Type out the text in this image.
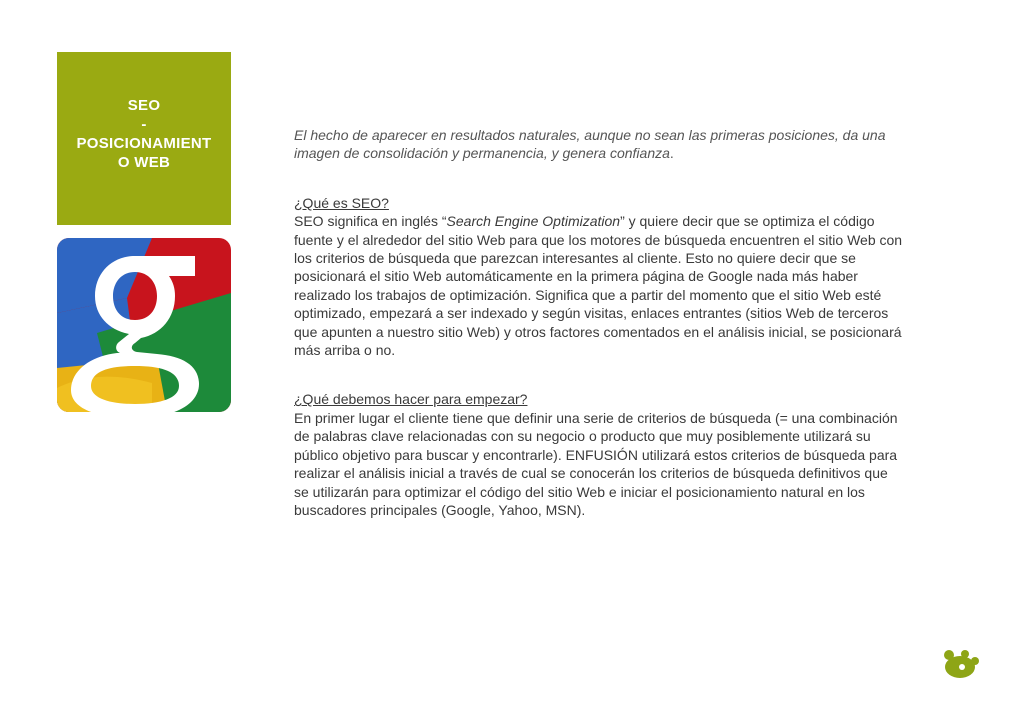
SEO
-
POSICIONAMIENT
O WEB

El hecho de aparecer en resultados naturales, aunque no sean las primeras posiciones, da una imagen de consolidación y permanencia, y genera confianza.

¿Qué es SEO?

SEO significa en inglés “Search Engine Optimization” y quiere decir que se optimiza el código fuente y el alrededor del sitio Web para que los motores de búsqueda encuentren el sitio Web con los criterios de búsqueda que parezcan interesantes al cliente. Esto no quiere decir que se posicionará el sitio Web automáticamente en la primera página de Google nada más haber realizado los trabajos de optimización. Significa que a partir del momento que el sitio Web esté optimizado, empezará a ser indexado y según visitas, enlaces entrantes (sitios Web de terceros que apunten a nuestro sitio Web) y otros factores comentados en el análisis inicial, se posicionará más arriba o no.

¿Qué debemos hacer para empezar?

En primer lugar el cliente tiene que definir una serie de criterios de búsqueda (= una combinación de palabras clave relacionadas con su negocio o producto que muy posiblemente utilizará su público objetivo para buscar y encontrarle). ENFUSIÓN utilizará estos criterios de búsqueda para realizar el análisis inicial a través de cual se conocerán los criterios de búsqueda definitivos que se utilizarán para optimizar el código del sitio Web e iniciar el posicionamiento natural en los buscadores principales (Google, Yahoo, MSN).
